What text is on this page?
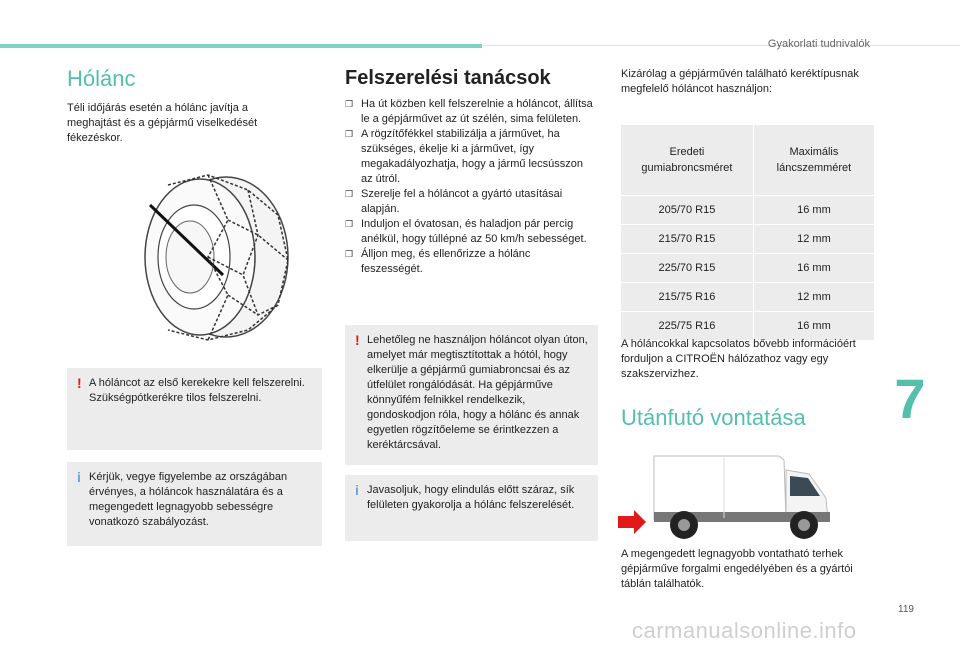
Gyakorlati tudnivalók
Hólánc

Téli időjárás esetén a hólánc javítja a meghajtást és a gépjármű viselkedését fékezéskor.

! A hóláncot az első kerekekre kell felszerelni. Szükségpótkerékre tilos felszerelni.
i Kérjük, vegye figyelembe az országában érvényes, a hóláncok használatára és a megengedett legnagyobb sebességre vonatkozó szabályozást.
Felszerelési tanácsok
❐ Ha út közben kell felszerelnie a hóláncot, állítsa le a gépjárművet az út szélén, sima felületen.
❐ A rögzítőfékkel stabilizálja a járművet, ha szükséges, ékelje ki a járművet, így megakadályozhatja, hogy a jármű lecsússzon az útról.
❐ Szerelje fel a hóláncot a gyártó utasításai alapján.
❐ Induljon el óvatosan, és haladjon pár percig anélkül, hogy túllépné az 50 km/h sebességet.
❐ Álljon meg, és ellenőrizze a hólánc feszességét.
! Lehetőleg ne használjon hóláncot olyan úton, amelyet már megtisztítottak a hótól, hogy elkerülje a gépjármű gumiabroncsai és az útfelület rongálódását. Ha gépjárműve könnyűfém felnikkel rendelkezik, gondoskodjon róla, hogy a hólánc és annak egyetlen rögzítőeleme se érintkezzen a keréktárcsával.
i Javasoljuk, hogy elindulás előtt száraz, sík felületen gyakorolja a hólánc felszerelését.

Kizárólag a gépjárművén található keréktípusnak megfelelő hóláncot használjon:

Eredeti gumiabroncsméret	Maximális láncszemméret
205/70 R15	16 mm
215/70 R15	12 mm
225/70 R15	16 mm
215/75 R16	12 mm
225/75 R16	16 mm

A hóláncokkal kapcsolatos bővebb információért forduljon a CITROËN hálózathoz vagy egy szakszervizhez.

Utánfutó vontatása

A megengedett legnagyobb vontatható terhek gépjárműve forgalmi engedélyében és a gyártói táblán találhatók.

7
119
carmanualsonline.info
